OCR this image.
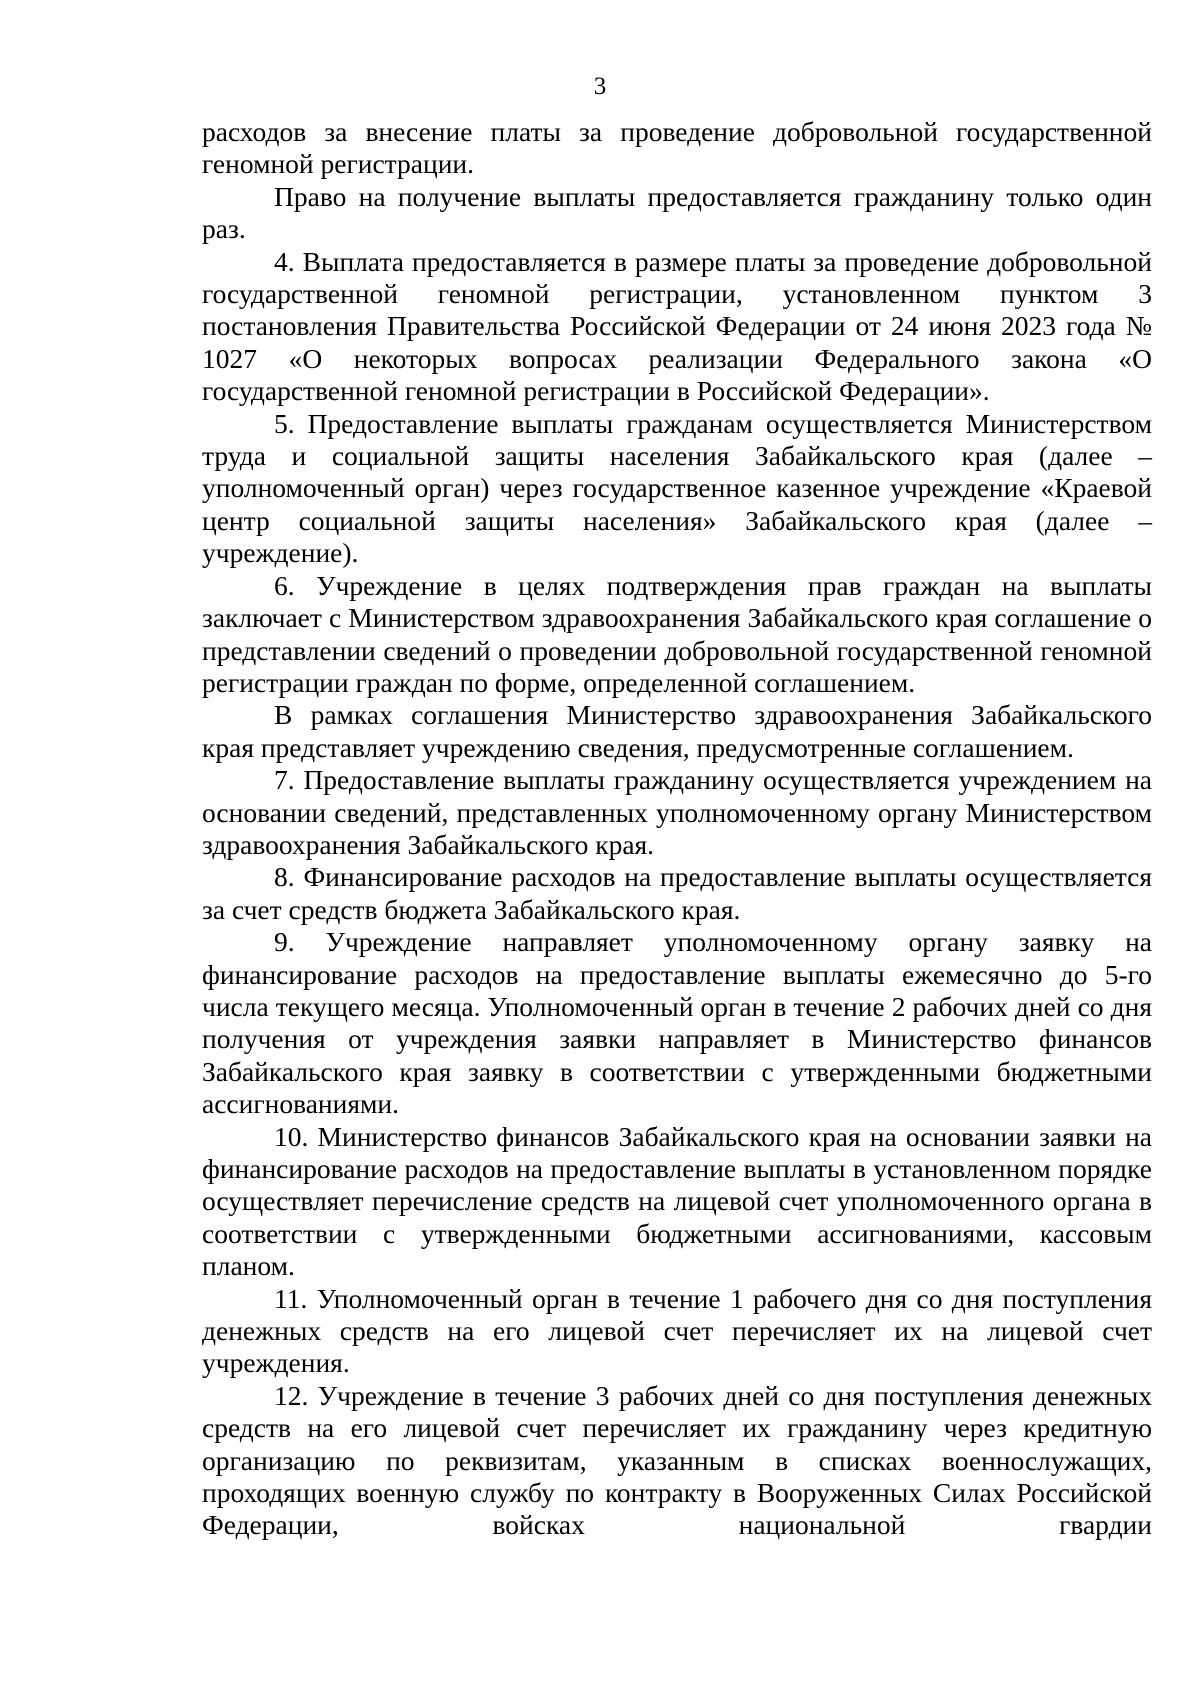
3

расходов за внесение платы за проведение добровольной государственной геномной регистрации.

Право на получение выплаты предоставляется гражданину только один раз.

4. Выплата предоставляется в размере платы за проведение добровольной государственной геномной регистрации, установленном пунктом 3 постановления Правительства Российской Федерации от 24 июня 2023 года № 1027 «О некоторых вопросах реализации Федерального закона «О государственной геномной регистрации в Российской Федерации».

5. Предоставление выплаты гражданам осуществляется Министерством труда и социальной защиты населения Забайкальского края (далее – уполномоченный орган) через государственное казенное учреждение «Краевой центр социальной защиты населения» Забайкальского края (далее – учреждение).

6. Учреждение в целях подтверждения прав граждан на выплаты заключает с Министерством здравоохранения Забайкальского края соглашение о представлении сведений о проведении добровольной государственной геномной регистрации граждан по форме, определенной соглашением.

В рамках соглашения Министерство здравоохранения Забайкальского края представляет учреждению сведения, предусмотренные соглашением.

7. Предоставление выплаты гражданину осуществляется учреждением на основании сведений, представленных уполномоченному органу Министерством здравоохранения Забайкальского края.

8. Финансирование расходов на предоставление выплаты осуществляется за счет средств бюджета Забайкальского края.

9. Учреждение направляет уполномоченному органу заявку на финансирование расходов на предоставление выплаты ежемесячно до 5-го числа текущего месяца. Уполномоченный орган в течение 2 рабочих дней со дня получения от учреждения заявки направляет в Министерство финансов Забайкальского края заявку в соответствии с утвержденными бюджетными ассигнованиями.

10. Министерство финансов Забайкальского края на основании заявки на финансирование расходов на предоставление выплаты в установленном порядке осуществляет перечисление средств на лицевой счет уполномоченного органа в соответствии с утвержденными бюджетными ассигнованиями, кассовым планом.

11. Уполномоченный орган в течение 1 рабочего дня со дня поступления денежных средств на его лицевой счет перечисляет их на лицевой счет учреждения.

12. Учреждение в течение 3 рабочих дней со дня поступления денежных средств на его лицевой счет перечисляет их гражданину через кредитную организацию по реквизитам, указанным в списках военнослужащих, проходящих военную службу по контракту в Вооруженных Силах Российской Федерации, войсках национальной гвардии
